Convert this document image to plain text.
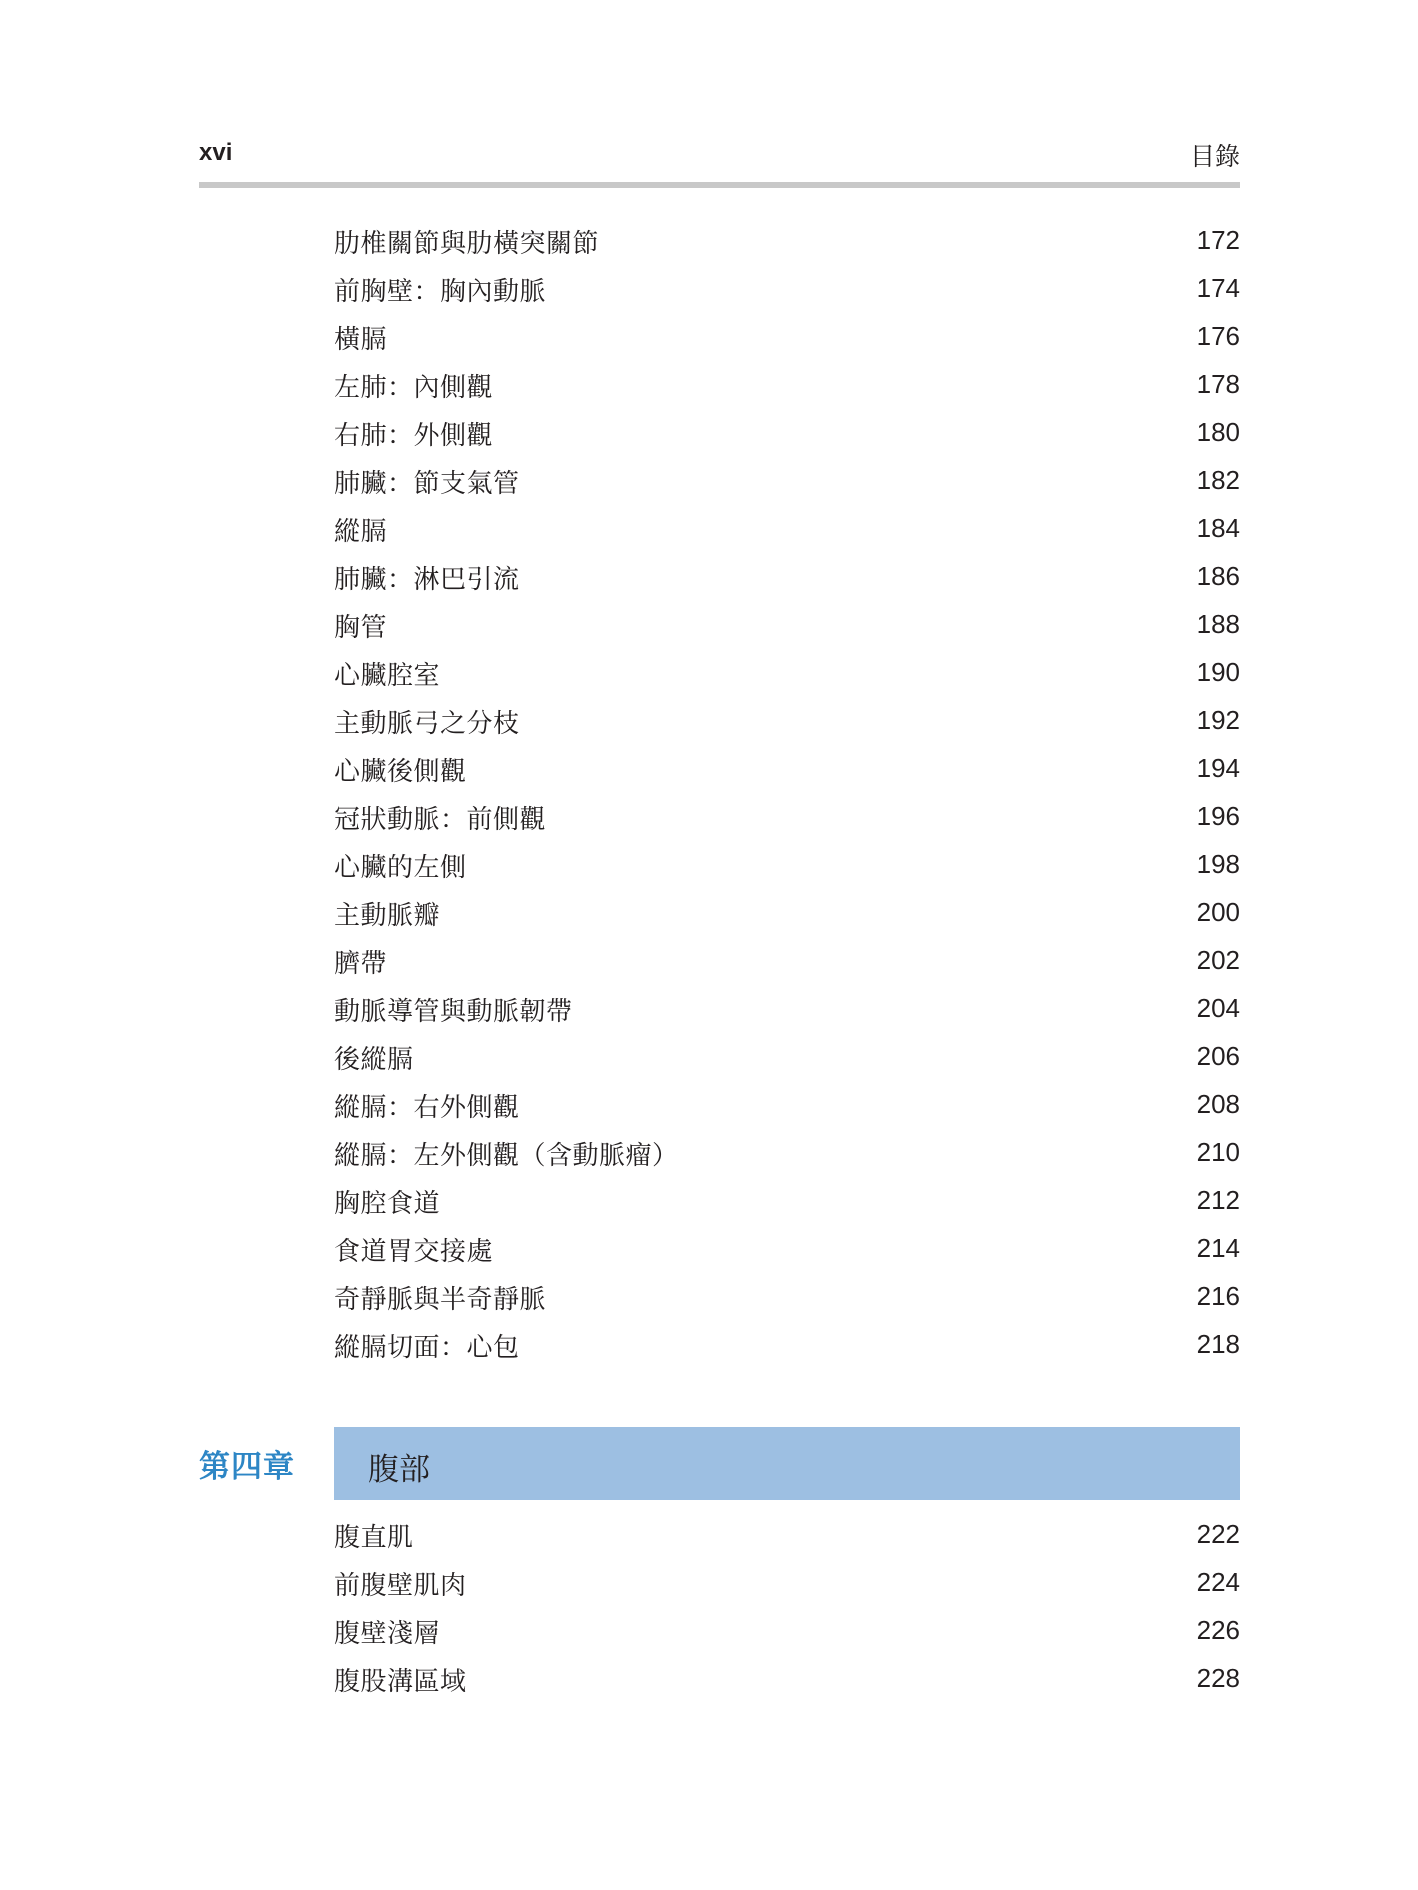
xvi	目錄
肋椎關節與肋橫突關節	172
前胸壁：胸內動脈	174
橫膈	176
左肺：內側觀	178
右肺：外側觀	180
肺臟：節支氣管	182
縱膈	184
肺臟：淋巴引流	186
胸管	188
心臟腔室	190
主動脈弓之分枝	192
心臟後側觀	194
冠狀動脈：前側觀	196
心臟的左側	198
主動脈瓣	200
臍帶	202
動脈導管與動脈韌帶	204
後縱膈	206
縱膈：右外側觀	208
縱膈：左外側觀（含動脈瘤）	210
胸腔食道	212
食道胃交接處	214
奇靜脈與半奇靜脈	216
縱膈切面：心包	218
第四章 腹部
腹直肌	222
前腹壁肌肉	224
腹壁淺層	226
腹股溝區域	228
